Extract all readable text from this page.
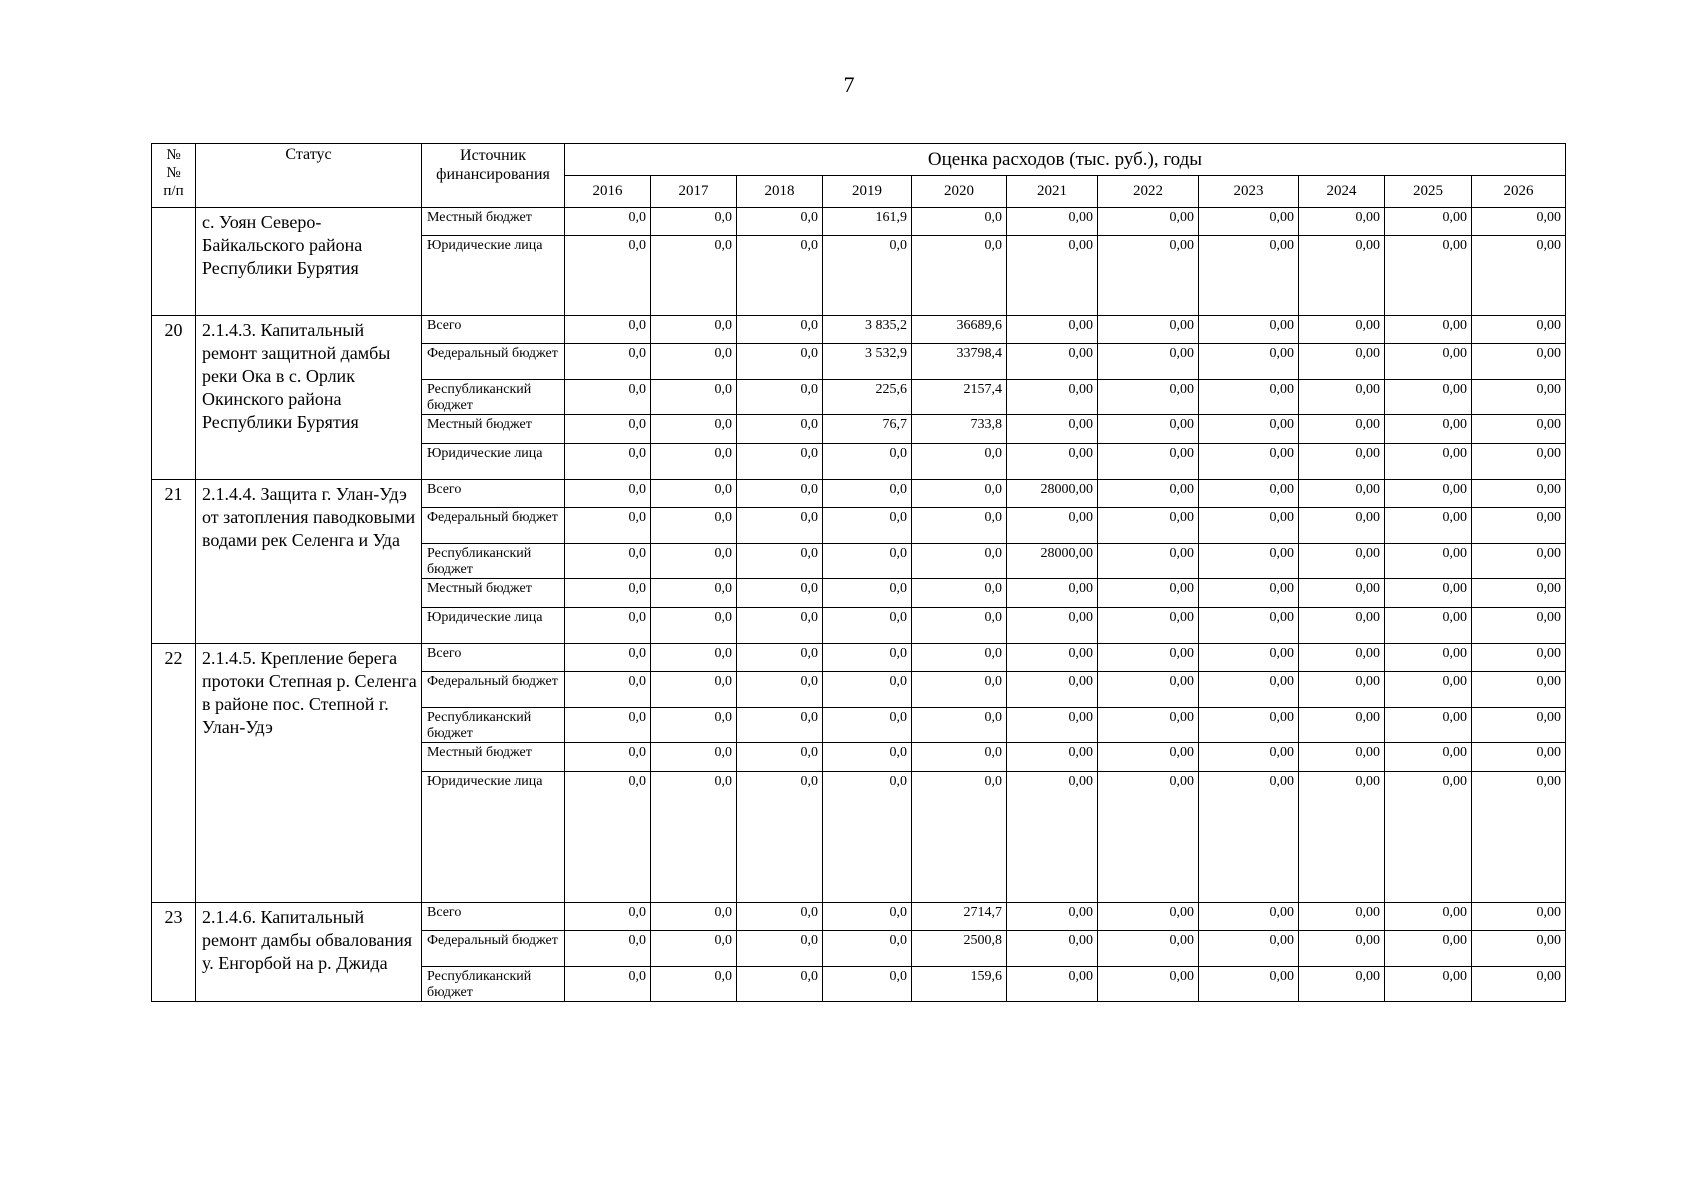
7
№
№
п/п	Статус	Источник финансирования	Оценка расходов (тыс. руб.), годы										
			2016	2017	2018	2019	2020	2021	2022	2023	2024	2025	2026
	с. Уоян Северо-Байкальского района Республики Бурятия	Местный бюджет	0,0	0,0	0,0	161,9	0,0	0,00	0,00	0,00	0,00	0,00	0,00
		Юридические лица	0,0	0,0	0,0	0,0	0,0	0,00	0,00	0,00	0,00	0,00	0,00
20	2.1.4.3. Капитальный ремонт защитной дамбы реки Ока в с. Орлик Окинского района Республики Бурятия	Всего	0,0	0,0	0,0	3 835,2	36689,6	0,00	0,00	0,00	0,00	0,00	0,00
		Федеральный бюджет	0,0	0,0	0,0	3 532,9	33798,4	0,00	0,00	0,00	0,00	0,00	0,00
		Республиканский бюджет	0,0	0,0	0,0	225,6	2157,4	0,00	0,00	0,00	0,00	0,00	0,00
		Местный бюджет	0,0	0,0	0,0	76,7	733,8	0,00	0,00	0,00	0,00	0,00	0,00
		Юридические лица	0,0	0,0	0,0	0,0	0,0	0,00	0,00	0,00	0,00	0,00	0,00
21	2.1.4.4. Защита г. Улан-Удэ от затопления паводковыми водами рек Селенга и Уда	Всего	0,0	0,0	0,0	0,0	0,0	28000,00	0,00	0,00	0,00	0,00	0,00
		Федеральный бюджет	0,0	0,0	0,0	0,0	0,0	0,00	0,00	0,00	0,00	0,00	0,00
		Республиканский бюджет	0,0	0,0	0,0	0,0	0,0	28000,00	0,00	0,00	0,00	0,00	0,00
		Местный бюджет	0,0	0,0	0,0	0,0	0,0	0,00	0,00	0,00	0,00	0,00	0,00
		Юридические лица	0,0	0,0	0,0	0,0	0,0	0,00	0,00	0,00	0,00	0,00	0,00
22	2.1.4.5. Крепление берега протоки Степная р. Селенга в районе пос. Степной г. Улан-Удэ	Всего	0,0	0,0	0,0	0,0	0,0	0,00	0,00	0,00	0,00	0,00	0,00
		Федеральный бюджет	0,0	0,0	0,0	0,0	0,0	0,00	0,00	0,00	0,00	0,00	0,00
		Республиканский бюджет	0,0	0,0	0,0	0,0	0,0	0,00	0,00	0,00	0,00	0,00	0,00
		Местный бюджет	0,0	0,0	0,0	0,0	0,0	0,00	0,00	0,00	0,00	0,00	0,00
		Юридические лица	0,0	0,0	0,0	0,0	0,0	0,00	0,00	0,00	0,00	0,00	0,00
23	2.1.4.6. Капитальный ремонт дамбы обвалования у. Енгорбой на р. Джида	Всего	0,0	0,0	0,0	0,0	2714,7	0,00	0,00	0,00	0,00	0,00	0,00
		Федеральный бюджет	0,0	0,0	0,0	0,0	2500,8	0,00	0,00	0,00	0,00	0,00	0,00
		Республиканский бюджет	0,0	0,0	0,0	0,0	159,6	0,00	0,00	0,00	0,00	0,00	0,00
